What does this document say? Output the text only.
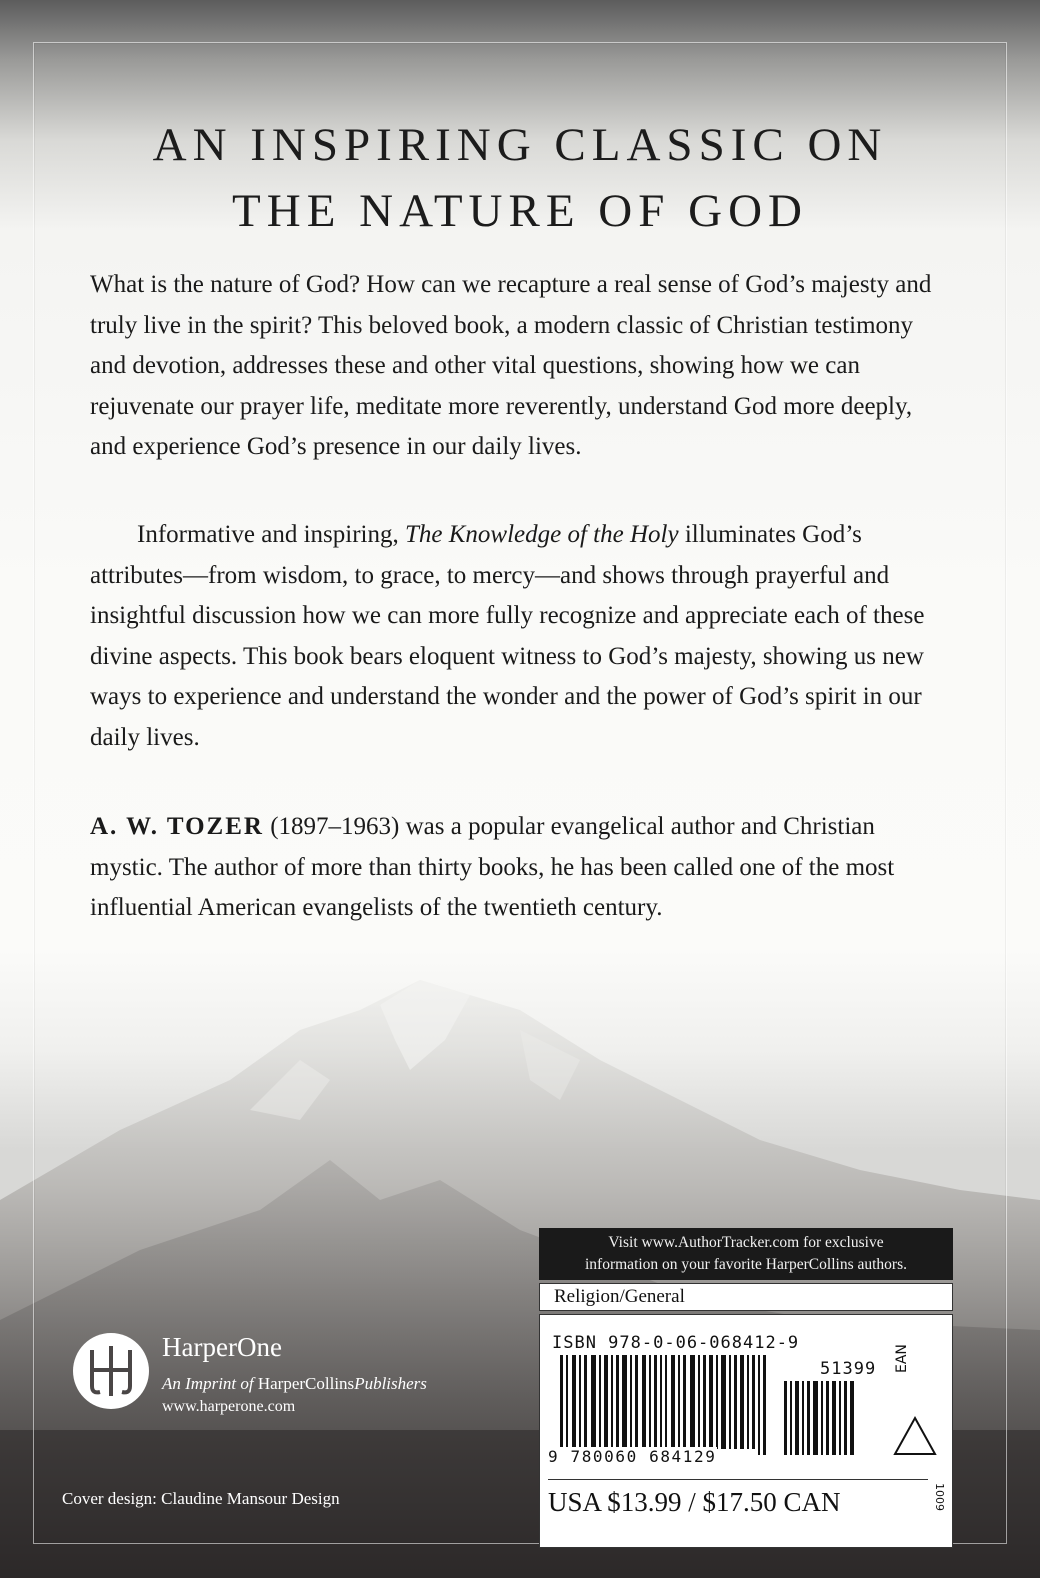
AN INSPIRING CLASSIC ON
THE NATURE OF GOD
What is the nature of God? How can we recapture a real sense of God’s majesty and truly live in the spirit? This beloved book, a modern classic of Christian testimony and devotion, addresses these and other vital questions, showing how we can rejuvenate our prayer life, meditate more reverently, understand God more deeply, and experience God’s presence in our daily lives.
Informative and inspiring, The Knowledge of the Holy illuminates God’s attributes—from wisdom, to grace, to mercy—and shows through prayerful and insightful discussion how we can more fully recognize and appreciate each of these divine aspects. This book bears eloquent witness to God’s majesty, showing us new ways to experience and understand the wonder and the power of God’s spirit in our daily lives.
A. W. TOZER (1897–1963) was a popular evangelical author and Christian mystic. The author of more than thirty books, he has been called one of the most influential American evangelists of the twentieth century.
Visit www.AuthorTracker.com for exclusive
information on your favorite HarperCollins authors.
Religion/General
ISBN 978-0-06-068412-9
51399 EAN
9 780060 684129
USA $13.99 / $17.50 CAN	1009
HarperOne
An Imprint of HarperCollinsPublishers
www.harperone.com
Cover design: Claudine Mansour Design
